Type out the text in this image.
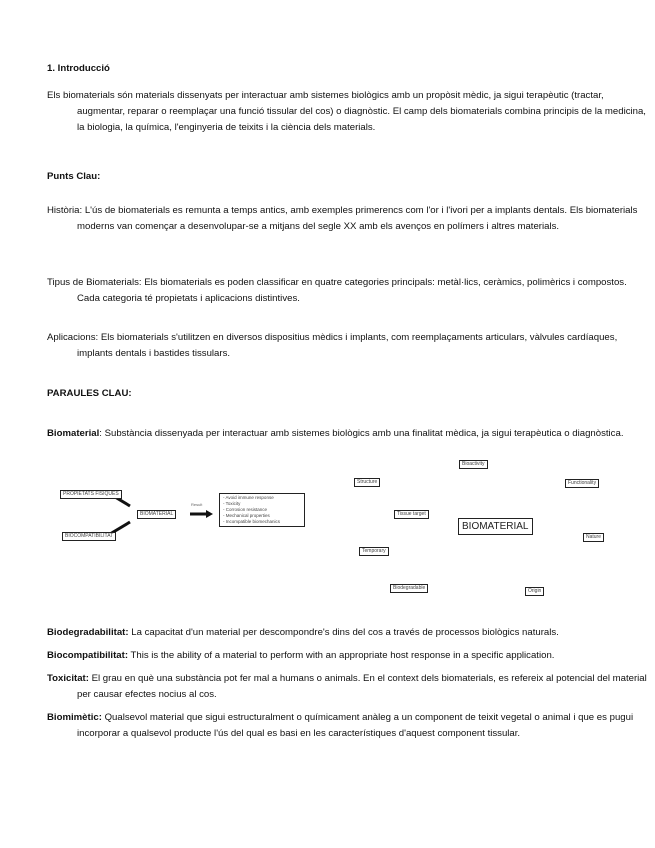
1. Introducció
Els biomaterials són materials dissenyats per interactuar amb sistemes biològics amb un propòsit mèdic, ja sigui terapèutic (tractar, augmentar, reparar o reemplaçar una funció tissular del cos) o diagnòstic. El camp dels biomaterials combina principis de la medicina, la biologia, la química, l'enginyeria de teixits i la ciència dels materials.
Punts Clau:
Història: L'ús de biomaterials es remunta a temps antics, amb exemples primerencs com l'or i l'ivori per a implants dentals. Els biomaterials moderns van començar a desenvolupar-se a mitjans del segle XX amb els avenços en polímers i altres materials.
Tipus de Biomaterials: Els biomaterials es poden classificar en quatre categories principals: metàl·lics, ceràmics, polimèrics i compostos. Cada categoria té propietats i aplicacions distintives.
Aplicacions: Els biomaterials s'utilitzen en diversos dispositius mèdics i implants, com reemplaçaments articulars, vàlvules cardíaques, implants dentals i bastides tissulars.
PARAULES CLAU:
Biomaterial: Substància dissenyada per interactuar amb sistemes biològics amb una finalitat mèdica, ja sigui terapèutica o diagnòstica.
PROPIETATS FÍSIQUES
BIOCOMPATIBILITAT
BIOMATERIAL
Result
- Avoid immune response
- Toxicity
- Corrosion resistance
- Mechanical properties
- Incompatible biomechanics
Bioactivity
Structure	Functionality
Tissue target
BIOMATERIAL
Nature
Temporary
Biodegradable	Origin
Biodegradabilitat: La capacitat d'un material per descompondre's dins del cos a través de processos biològics naturals.
Biocompatibilitat: This is the ability of a material to perform with an appropriate host response in a specific application.
Toxicitat: El grau en què una substància pot fer mal a humans o animals. En el context dels biomaterials, es refereix al potencial del material per causar efectes nocius al cos.
Biomimètic: Qualsevol material que sigui estructuralment o químicament anàleg a un component de teixit vegetal o animal i que es pugui incorporar a qualsevol producte l'ús del qual es basi en les característiques d'aquest component tissular.
